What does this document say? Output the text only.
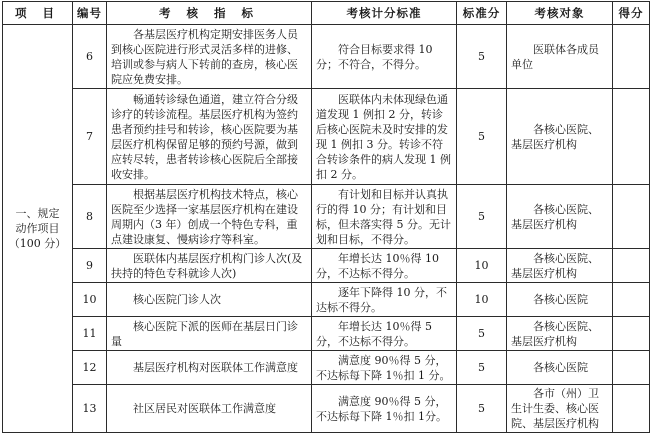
项 目	编号	考 核 指 标	考核计分标准	标准分	考核对象	得分

一、规定
动作项目
（100 分）	6	各基层医疗机构定期安排医务人员到核心医院进行形式灵活多样的进修、培训或参与病人下转前的查房，核心医院应免费安排。	符合目标要求得 10 分；不符合，不得分。	5	医联体各成员单位	
	7	畅通转诊绿色通道，建立符合分级诊疗的转诊流程。基层医疗机构为签约患者预约挂号和转诊，核心医院要为基层医疗机构保留足够的预约号源，做到应转尽转，患者转诊核心医院后全部接收安排。	医联体内未体现绿色通道发现 1 例扣 2 分，转诊后核心医院未及时安排的发现 1 例扣 3 分。转诊不符合转诊条件的病人发现 1 例扣 2 分。	5	各核心医院、基层医疗机构	
	8	根据基层医疗机构技术特点，核心医院至少选择一家基层医疗机构在建设周期内（3 年）创成一个特色专科，重点建设康复、慢病诊疗等科室。	有计划和目标并认真执行的得 10 分；有计划和目标，但未落实得 5 分。无计划和目标，不得分。	5	各核心医院、基层医疗机构	
	9	医联体内基层医疗机构门诊人次(及扶持的特色专科就诊人次)	年增长达 10％得 10 分，不达标不得分。	10	各核心医院、基层医疗机构	
	10	核心医院门诊人次	逐年下降得 10 分，不达标不得分。	10	各核心医院	
	11	核心医院下派的医师在基层日门诊量	年增长达 10％得 5 分，不达标不得分。	5	各核心医院、基层医疗机构	
	12	基层医疗机构对医联体工作满意度	满意度 90％得 5 分，不达标每下降 1％扣 1 分。	5	各核心医院	
	13	社区居民对医联体工作满意度	满意度 90％得 5 分，不达标每下降 1％扣 1分。	5	各市（州）卫生计生委、核心医院、基层医疗机构	
